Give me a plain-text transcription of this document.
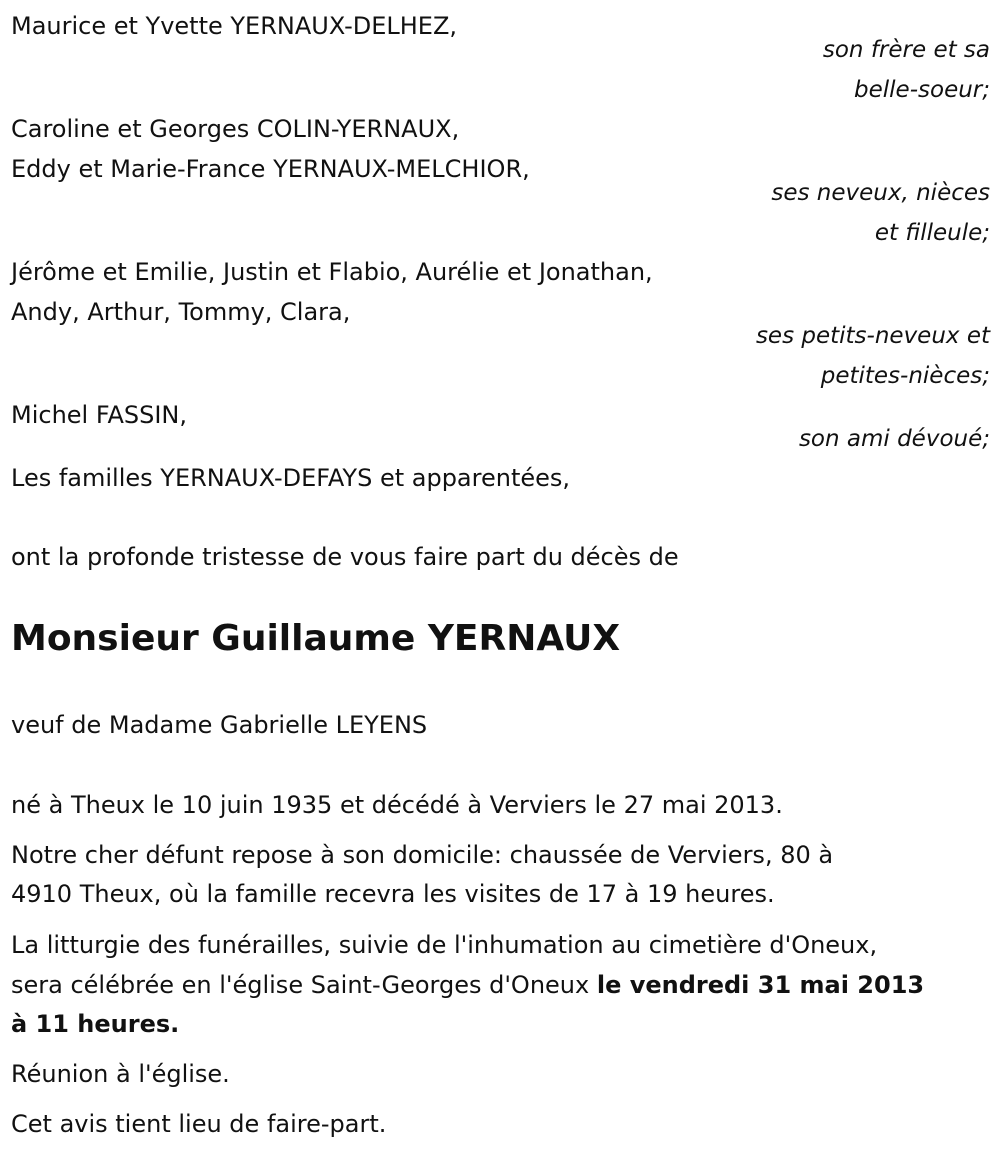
Maurice et Yvette YERNAUX-DELHEZ,

son frère et sa

belle-soeur;

Caroline et Georges COLIN-YERNAUX,

Eddy et Marie-France YERNAUX-MELCHIOR,

ses neveux, nièces

et filleule;

Jérôme et Emilie, Justin et Flabio, Aurélie et Jonathan,

Andy, Arthur, Tommy, Clara,

ses petits-neveux et

petites-nièces;

Michel FASSIN,

son ami dévoué;

Les familles YERNAUX-DEFAYS et apparentées,

ont la profonde tristesse de vous faire part du décès de

Monsieur Guillaume YERNAUX

veuf de Madame Gabrielle LEYENS

né à Theux le 10 juin 1935 et décédé à Verviers le 27 mai 2013.

Notre cher défunt repose à son domicile: chaussée de Verviers, 80 à

4910 Theux, où la famille recevra les visites de 17 à 19 heures.

La litturgie des funérailles, suivie de l'inhumation au cimetière d'Oneux,

sera célébrée en l'église Saint-Georges d'Oneux le vendredi 31 mai 2013

à 11 heures.

Réunion à l'église.

Cet avis tient lieu de faire-part.
